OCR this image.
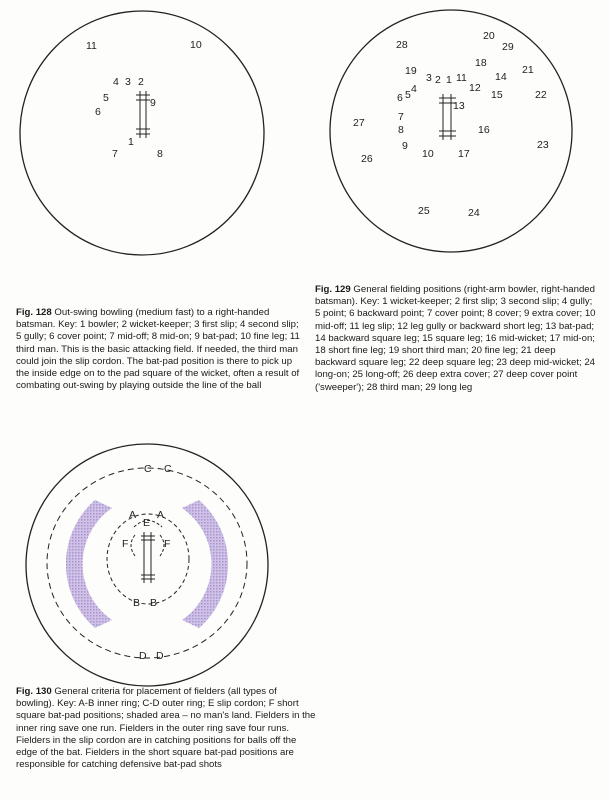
11	10
4 3 2
5	9
6
1
7	8
20
28	29
18
19	21
3 2 1 11	14
12
15
4
6 5	22
13
7
27
8	16
23
9
10 17
26
25	24
C C
A A
E
F	F
B B
D D

Fig. 128 Out-swing bowling (medium fast) to a right-handed batsman. Key: 1 bowler; 2 wicket-keeper; 3 first slip; 4 second slip; 5 gully; 6 cover point; 7 mid-off; 8 mid-on; 9 bat-pad; 10 fine leg; 11 third man. This is the basic attacking field. If needed, the third man could join the slip cordon. The bat-pad position is there to pick up the inside edge on to the pad square of the wicket, often a result of combating out-swing by playing outside the line of the ball

Fig. 129 General fielding positions (right-arm bowler, right-handed batsman). Key: 1 wicket-keeper; 2 first slip; 3 second slip; 4 gully; 5 point; 6 backward point; 7 cover point; 8 cover; 9 extra cover; 10 mid-off; 11 leg slip; 12 leg gully or backward short leg; 13 bat-pad; 14 backward square leg; 15 square leg; 16 mid-wicket; 17 mid-on; 18 short fine leg; 19 short third man; 20 fine leg; 21 deep backward square leg; 22 deep square leg; 23 deep mid-wicket; 24 long-on; 25 long-off; 26 deep extra cover; 27 deep cover point ('sweeper'); 28 third man; 29 long leg

Fig. 130 General criteria for placement of fielders (all types of bowling). Key: A-B inner ring; C-D outer ring; E slip cordon; F short square bat-pad positions; shaded area – no man's land. Fielders in the inner ring save one run. Fielders in the outer ring save four runs. Fielders in the slip cordon are in catching positions for balls off the edge of the bat. Fielders in the short square bat-pad positions are responsible for catching defensive bat-pad shots
